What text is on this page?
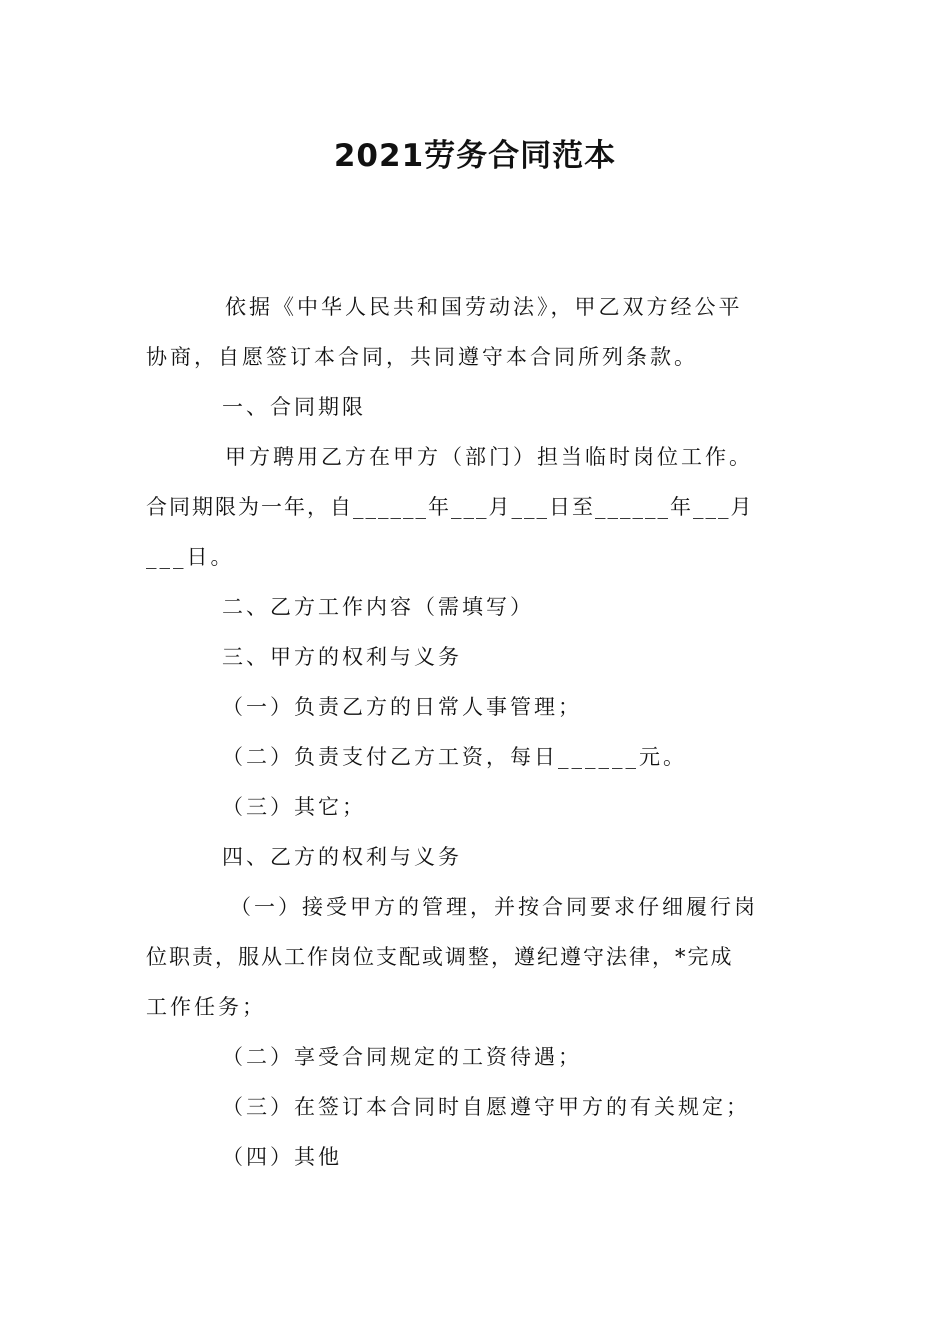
2021劳务合同范本

依据《中华人民共和国劳动法》，甲乙双方经公平

协商，自愿签订本合同，共同遵守本合同所列条款。

一、合同期限

甲方聘用乙方在甲方（部门）担当临时岗位工作。

合同期限为一年，自______年___月___日至______年___月

___日。

二、乙方工作内容（需填写）

三、甲方的权利与义务

（一）负责乙方的日常人事管理；

（二）负责支付乙方工资，每日______元。

（三）其它；

四、乙方的权利与义务

（一）接受甲方的管理，并按合同要求仔细履行岗

位职责，服从工作岗位支配或调整，遵纪遵守法律，*完成

工作任务；

（二）享受合同规定的工资待遇；

（三）在签订本合同时自愿遵守甲方的有关规定；

（四）其他
